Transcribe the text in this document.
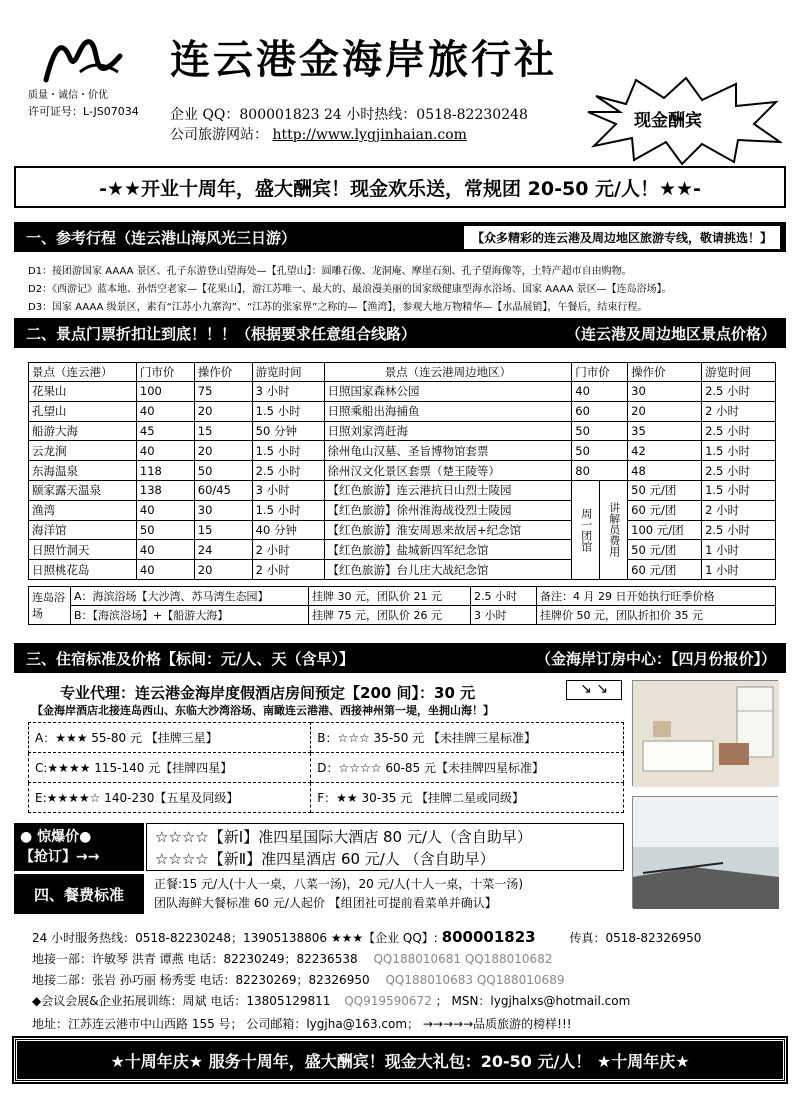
质量・诚信・价优
许可证号：L-JS07034
连云港金海岸旅行社
企业 QQ：800001823 24 小时热线：0518-82230248
公司旅游网站： http://www.lygjinhaian.com
现金酬宾
-★★开业十周年，盛大酬宾！现金欢乐送，常规团 20-50 元/人！★★-
一、参考行程 （连云港山海风光三日游）	【众多精彩的连云港及周边地区旅游专线，敬请挑选！】
D1：接团游国家 AAAA 景区、孔子东游登山望海处—【孔望山】：圆雕石像、龙洞庵、摩崖石刻、孔子望海像等，土特产超市自由购物。
D2：《西游记》蓝本地、孙悟空老家—【花果山】，游江苏唯一、最大的、最浪漫美丽的国家级健康型海水浴场、国家 AAAA 景区—【连岛浴场】。
D3：国家 AAAA 级景区，素有“江苏小九寨沟”、“江苏的张家界”之称的—【渔湾】，参观大地万物精华—【水晶展销】，午餐后，结束行程。
二、景点门票折扣让到底！！！（根据要求任意组合线路）	（连云港及周边地区景点价格）
景点（连云港）	门市价	操作价	游览时间	景点（连云港周边地区）	门市价		操作价	游览时间
花果山	100	75	3 小时	日照国家森林公园	40		30	2.5 小时
孔望山	40	20	1.5 小时	日照乘船出海捕鱼	60		20	2 小时
船游大海	45	15	50 分钟	日照刘家湾赶海	50		35	2.5 小时
云龙涧	40	20	1.5 小时	徐州龟山汉墓、圣旨博物馆套票	50		42	1.5 小时
东海温泉	118	50	2.5 小时	徐州汉文化景区套票（楚王陵等）	80		48	2.5 小时
颐家露天温泉	138	60/45	3 小时	【红色旅游】连云港抗日山烈士陵园	周一团馆	讲解员费用	50 元/团	1.5 小时
渔湾	40	30	1.5 小时	【红色旅游】徐州淮海战役烈士陵园			60 元/团	2 小时
海洋馆	50	15	40 分钟	【红色旅游】淮安周恩来故居+纪念馆			100 元/团	2.5 小时
日照竹洞天	40	24	2 小时	【红色旅游】盐城新四军纪念馆			50 元/团	1 小时
日照桃花岛	40	20	2 小时	【红色旅游】台儿庄大战纪念馆			60 元/团	1 小时
连岛浴场	A：海滨浴场【大沙湾、苏马湾生态园】	挂牌 30 元，团队价 21 元	2.5 小时	备注：4 月 29 日开始执行旺季价格
	B：【海滨浴场】+【船游大海】	挂牌 75 元，团队价 26 元	3 小时	挂牌价 50 元，团队折扣价 35 元
三、住宿标准及价格 【标间：元/人、天（含早）】	（金海岸订房中心：【四月份报价】）
专业代理：连云港金海岸度假酒店房间预定【200 间】：30 元	↘ ↘
【金海岸酒店北接连岛西山、东临大沙湾浴场、南瞰连云港港、西接神州第一堤，坐拥山海！】
A：★★★ 55-80 元 【挂牌三星】	B：☆☆☆ 35-50 元 【未挂牌三星标准】
C:★★★★ 115-140 元【挂牌四星】	D：☆☆☆☆ 60-85 元【未挂牌四星标准】
E:★★★★☆ 140-230【五星及同级】	F：★★ 30-35 元 【挂牌二星或同级】
● 惊爆价●
【抢订】→→
☆☆☆☆【新Ⅰ】准四星国际大酒店 80 元/人（含自助早）
☆☆☆☆【新Ⅱ】准四星酒店 60 元/人 （含自助早）
四、餐费标准
正餐:15 元/人(十人一桌，八菜一汤)，20 元/人(十人一桌，十菜一汤)
团队海鲜大餐标准 60 元/人起价 【组团社可提前看菜单并确认】
24 小时服务热线：0518-82230248；13905138806 ★★★【企业 QQ】: 800001823	传真：0518-82326950
地接一部：许敏琴 洪青 谭燕 电话：82230249；82236538 QQ188010681 QQ188010682
地接二部：张岩 孙巧丽 杨秀雯 电话：82230269；82326950 QQ188010683 QQ188010689
◆会议会展&企业拓展训练：周斌 电话：13805129811 QQ919590672 ； MSN：lygjhalxs@hotmail.com
地址：江苏连云港市中山西路 155 号； 公司邮箱：lygjha@163.com； →→→→→品质旅游的榜样!!!
★十周年庆★ 服务十周年，盛大酬宾！现金大礼包：20-50 元/人！ ★十周年庆★
